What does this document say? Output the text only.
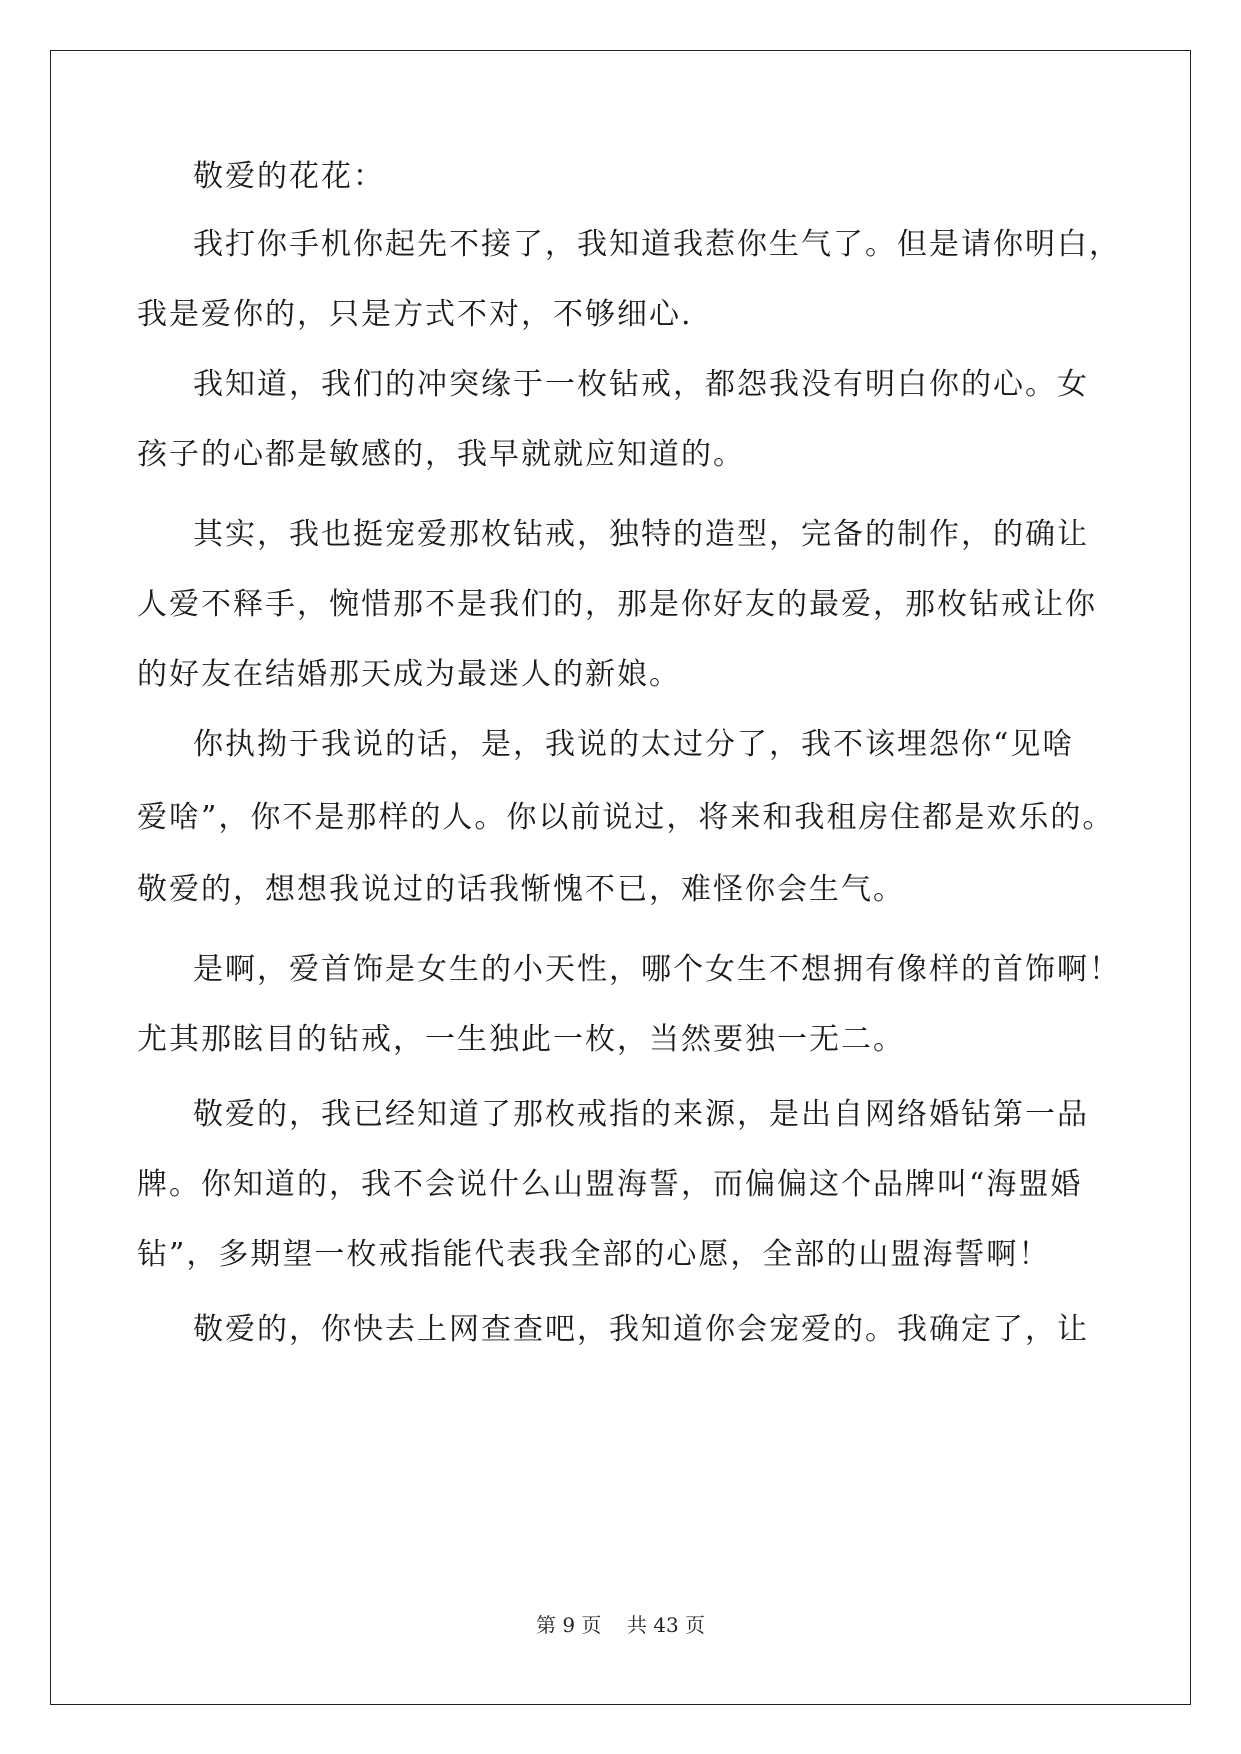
敬爱的花花：
我打你手机你起先不接了，我知道我惹你生气了。但是请你明白，
我是爱你的，只是方式不对，不够细心.
我知道，我们的冲突缘于一枚钻戒，都怨我没有明白你的心。女
孩子的心都是敏感的，我早就就应知道的。
其实，我也挺宠爱那枚钻戒，独特的造型，完备的制作，的确让
人爱不释手，惋惜那不是我们的，那是你好友的最爱，那枚钻戒让你
的好友在结婚那天成为最迷人的新娘。
你执拗于我说的话，是，我说的太过分了，我不该埋怨你“见啥
爱啥”，你不是那样的人。你以前说过，将来和我租房住都是欢乐的。
敬爱的，想想我说过的话我惭愧不已，难怪你会生气。
是啊，爱首饰是女生的小天性，哪个女生不想拥有像样的首饰啊！
尤其那眩目的钻戒，一生独此一枚，当然要独一无二。
敬爱的，我已经知道了那枚戒指的来源，是出自网络婚钻第一品
牌。你知道的，我不会说什么山盟海誓，而偏偏这个品牌叫“海盟婚
钻”，多期望一枚戒指能代表我全部的心愿，全部的山盟海誓啊！
敬爱的，你快去上网查查吧，我知道你会宠爱的。我确定了，让
第 9 页 共 43 页
